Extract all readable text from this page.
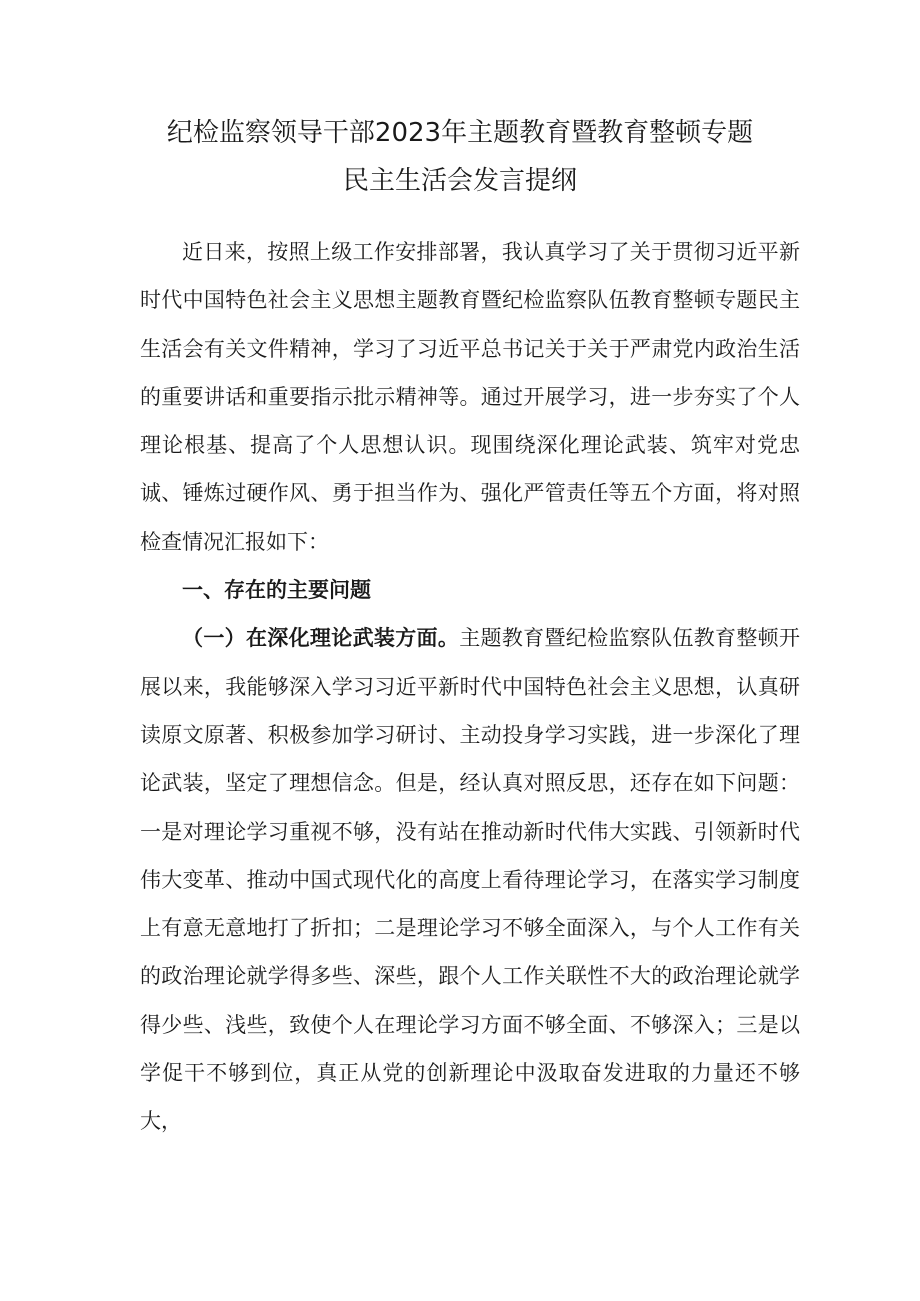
纪检监察领导干部2023年主题教育暨教育整顿专题
民主生活会发言提纲

近日来，按照上级工作安排部署，我认真学习了关于贯彻习近平新时代中国特色社会主义思想主题教育暨纪检监察队伍教育整顿专题民主生活会有关文件精神，学习了习近平总书记关于关于严肃党内政治生活的重要讲话和重要指示批示精神等。通过开展学习，进一步夯实了个人理论根基、提高了个人思想认识。现围绕深化理论武装、筑牢对党忠诚、锤炼过硬作风、勇于担当作为、强化严管责任等五个方面，将对照检查情况汇报如下：

一、存在的主要问题

（一）在深化理论武装方面。主题教育暨纪检监察队伍教育整顿开展以来，我能够深入学习习近平新时代中国特色社会主义思想，认真研读原文原著、积极参加学习研讨、主动投身学习实践，进一步深化了理论武装，坚定了理想信念。但是，经认真对照反思，还存在如下问题：一是对理论学习重视不够，没有站在推动新时代伟大实践、引领新时代伟大变革、推动中国式现代化的高度上看待理论学习，在落实学习制度上有意无意地打了折扣；二是理论学习不够全面深入，与个人工作有关的政治理论就学得多些、深些，跟个人工作关联性不大的政治理论就学得少些、浅些，致使个人在理论学习方面不够全面、不够深入；三是以学促干不够到位，真正从党的创新理论中汲取奋发进取的力量还不够大，
